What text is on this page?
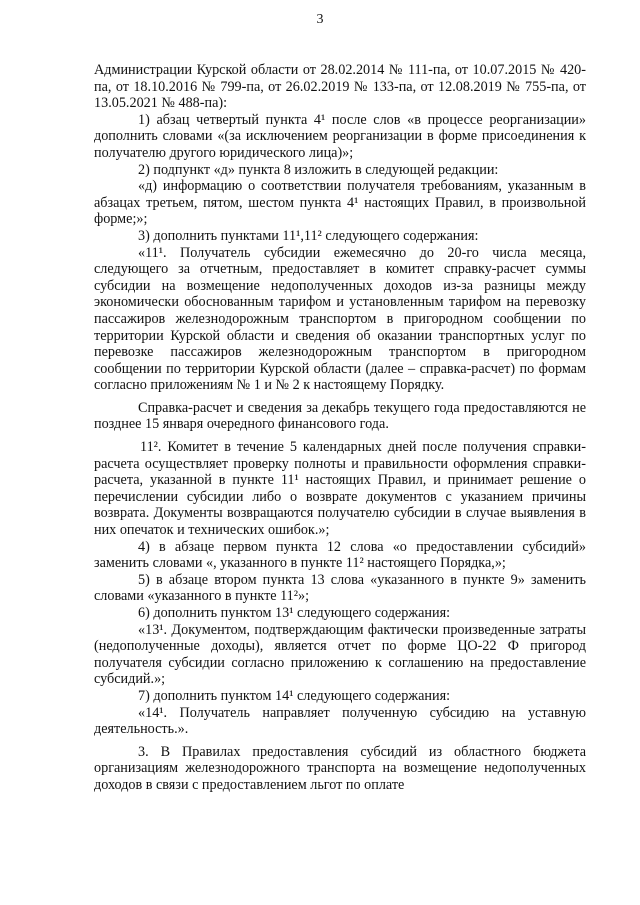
3

Администрации Курской области от 28.02.2014 № 111-па, от 10.07.2015 № 420-па, от 18.10.2016 № 799-па, от 26.02.2019 № 133-па, от 12.08.2019 № 755-па, от 13.05.2021 № 488-па):

1) абзац четвертый пункта 4¹ после слов «в процессе реорганизации» дополнить словами «(за исключением реорганизации в форме присоединения к получателю другого юридического лица)»;

2) подпункт «д» пункта 8 изложить в следующей редакции:

«д) информацию о соответствии получателя требованиям, указанным в абзацах третьем, пятом, шестом пункта 4¹ настоящих Правил, в произвольной форме;»;

3) дополнить пунктами 11¹,11² следующего содержания:

«11¹. Получатель субсидии ежемесячно до 20-го числа месяца, следующего за отчетным, предоставляет в комитет справку-расчет суммы субсидии на возмещение недополученных доходов из-за разницы между экономически обоснованным тарифом и установленным тарифом на перевозку пассажиров железнодорожным транспортом в пригородном сообщении по территории Курской области и сведения об оказании транспортных услуг по перевозке пассажиров железнодорожным транспортом в пригородном сообщении по территории Курской области (далее – справка-расчет) по формам согласно приложениям № 1 и № 2 к настоящему Порядку.

Справка-расчет и сведения за декабрь текущего года предоставляются не позднее 15 января очередного финансового года.

11². Комитет в течение 5 календарных дней после получения справки-расчета осуществляет проверку полноты и правильности оформления справки-расчета, указанной в пункте 11¹ настоящих Правил, и принимает решение о перечислении субсидии либо о возврате документов с указанием причины возврата. Документы возвращаются получателю субсидии в случае выявления в них опечаток и технических ошибок.»;

4) в абзаце первом пункта 12 слова «о предоставлении субсидий» заменить словами «, указанного в пункте 11² настоящего Порядка,»;

5) в абзаце втором пункта 13 слова «указанного в пункте 9» заменить словами «указанного в пункте 11²»;

6) дополнить пунктом 13¹ следующего содержания:

«13¹. Документом, подтверждающим фактически произведенные затраты (недополученные доходы), является отчет по форме ЦО-22 Ф пригород получателя субсидии согласно приложению к соглашению на предоставление субсидий.»;

7) дополнить пунктом 14¹ следующего содержания:

«14¹. Получатель направляет полученную субсидию на уставную деятельность.».

3. В Правилах предоставления субсидий из областного бюджета организациям железнодорожного транспорта на возмещение недополученных доходов в связи с предоставлением льгот по оплате
